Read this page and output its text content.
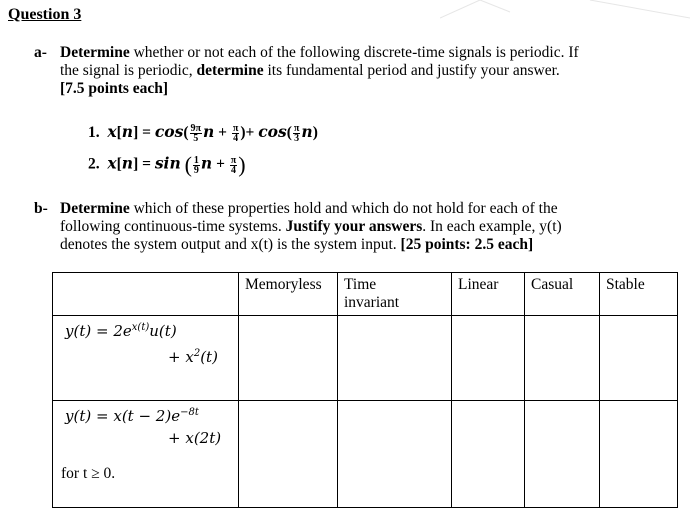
Question 3
a- Determine whether or not each of the following discrete-time signals is periodic. If
the signal is periodic, determine its fundamental period and justify your answer.
[7.5 points each]
1. $x[n] = \cos( \frac{9\pi}{5}$ $n + \frac{\pi}{4}$ )+ $\cos( \frac{\pi}{3} n)$
2. x[n] = sin ( $\frac{1}{9}$ $n + \frac{\pi}{4}$ )
b- Determine which of these properties hold and which do not hold for each of the
following continuous-time systems. Justify your answers. In each example, y(t)
denotes the system output and x(t) is the system input. [25 points: 2.5 each]

	Memoryless	Time invariant	Linear	Casual	Stable

$y(t) = 2e^{x(t)}u(t)$
+ $x^2(t)$					

$y(t) = x(t - 2)e^{-8t}$
+ x(2t)
for t ≥ 0.					
